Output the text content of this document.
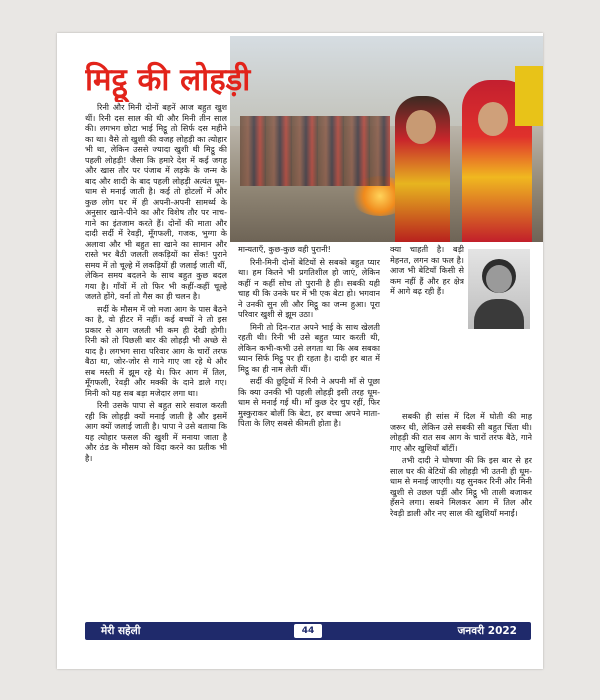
मिट्ठू की लोहड़ी

रिनी और मिनी दोनों बहनें आज बहुत खुश थीं। रिनी दस साल की थी और मिनी तीन साल की। लगभग छोटा भाई मिट्ठू तो सिर्फ दस महीने का था। वैसे तो खुशी की वजह लोहड़ी का त्योहार भी था, लेकिन उससे ज्यादा खुशी थी मिट्ठू की पहली लोहड़ी! जैसा कि हमारे देश में कई जगह और खास तौर पर पंजाब में लड़के के जन्म के बाद और शादी के बाद पहली लोहड़ी अत्यंत धूम-धाम से मनाई जाती है। कई तो होटलों में और कुछ लोग घर में ही अपनी-अपनी सामर्थ्य के अनुसार खाने-पीने का और विशेष तौर पर नाच-गाने का इंतजाम करते हैं। दोनों की माता और दादी सर्दी में रेवड़ी, मूँगफली, गजक, भुग्गा के अलावा और भी बहुत सा खाने का सामान और रास्ते भर बैठी जलती लकड़ियों का सेंक! पुराने समय में तो चूल्हे में लकड़ियों ही जलाई जाती थीं, लेकिन समय बदलने के साथ बहुत कुछ बदल गया है। गाँवों में तो फिर भी कहीं-कहीं चूल्हे जलते होंगे, वर्ना तो गैस का ही चलन है।

सर्दी के मौसम में जो मजा आग के पास बैठने का है, वो हीटर में नहीं। कई बच्चों ने तो इस प्रकार से आग जलती भी कम ही देखी होगी। रिनी को तो पिछली बार की लोहड़ी भी अच्छे से याद है। लगभग सारा परिवार आग के चारों तरफ बैठा था, जोर-जोर से गाने गाए जा रहे थे और सब मस्ती में झूम रहे थे। फिर आग में तिल, मूँगफली, रेवड़ी और मक्की के दाने डाले गए। मिनी को यह सब बड़ा मजेदार लगा था।

रिनी उसके पापा से बहुत सारे सवाल करती रही कि लोहड़ी क्यों मनाई जाती है और इसमें आग क्यों जलाई जाती है। पापा ने उसे बताया कि यह त्योहार फसल की खुशी में मनाया जाता है और ठंड के मौसम को विदा करने का प्रतीक भी है।

मान्यताएँ, कुछ-कुछ वही पुरानी!

रिनी-मिनी दोनों बेटियों से सबको बहुत प्यार था। हम कितने भी प्रगतिशील हो जाएं, लेकिन कहीं न कहीं सोच तो पुरानी है ही। सबकी यही चाह थी कि उनके घर में भी एक बेटा हो। भगवान ने उनकी सुन ली और मिट्ठू का जन्म हुआ। पूरा परिवार खुशी से झूम उठा।

मिनी तो दिन-रात अपने भाई के साथ खेलती रहती थी। रिनी भी उसे बहुत प्यार करती थी, लेकिन कभी-कभी उसे लगता था कि अब सबका ध्यान सिर्फ मिट्ठू पर ही रहता है। दादी हर बात में मिट्ठू का ही नाम लेती थीं।

सर्दी की छुट्टियों में रिनी ने अपनी माँ से पूछा कि क्या उनकी भी पहली लोहड़ी इसी तरह धूम-धाम से मनाई गई थी। माँ कुछ देर चुप रहीं, फिर मुस्कुराकर बोलीं कि बेटा, हर बच्चा अपने माता-पिता के लिए सबसे कीमती होता है।

क्या चाहती है। बड़ी मेहनत, लगन का फल है। आज भी बेटियाँ किसी से कम नहीं हैं और हर क्षेत्र में आगे बढ़ रही हैं।

सबकी ही सांस में दिल में घोती की माह जरूर थी, लेकिन उसे सबकी सी बहुत चिंता थी। लोहड़ी की रात सब आग के चारों तरफ बैठे, गाने गाए और खुशियाँ बाँटीं।

तभी दादी ने घोषणा की कि इस बार से हर साल घर की बेटियों की लोहड़ी भी उतनी ही धूम-धाम से मनाई जाएगी। यह सुनकर रिनी और मिनी खुशी से उछल पड़ीं और मिट्ठू भी ताली बजाकर हँसने लगा। सबने मिलकर आग में तिल और रेवड़ी डाली और नए साल की खुशियाँ मनाईं।

मेरी सहेली	44	जनवरी 2022
